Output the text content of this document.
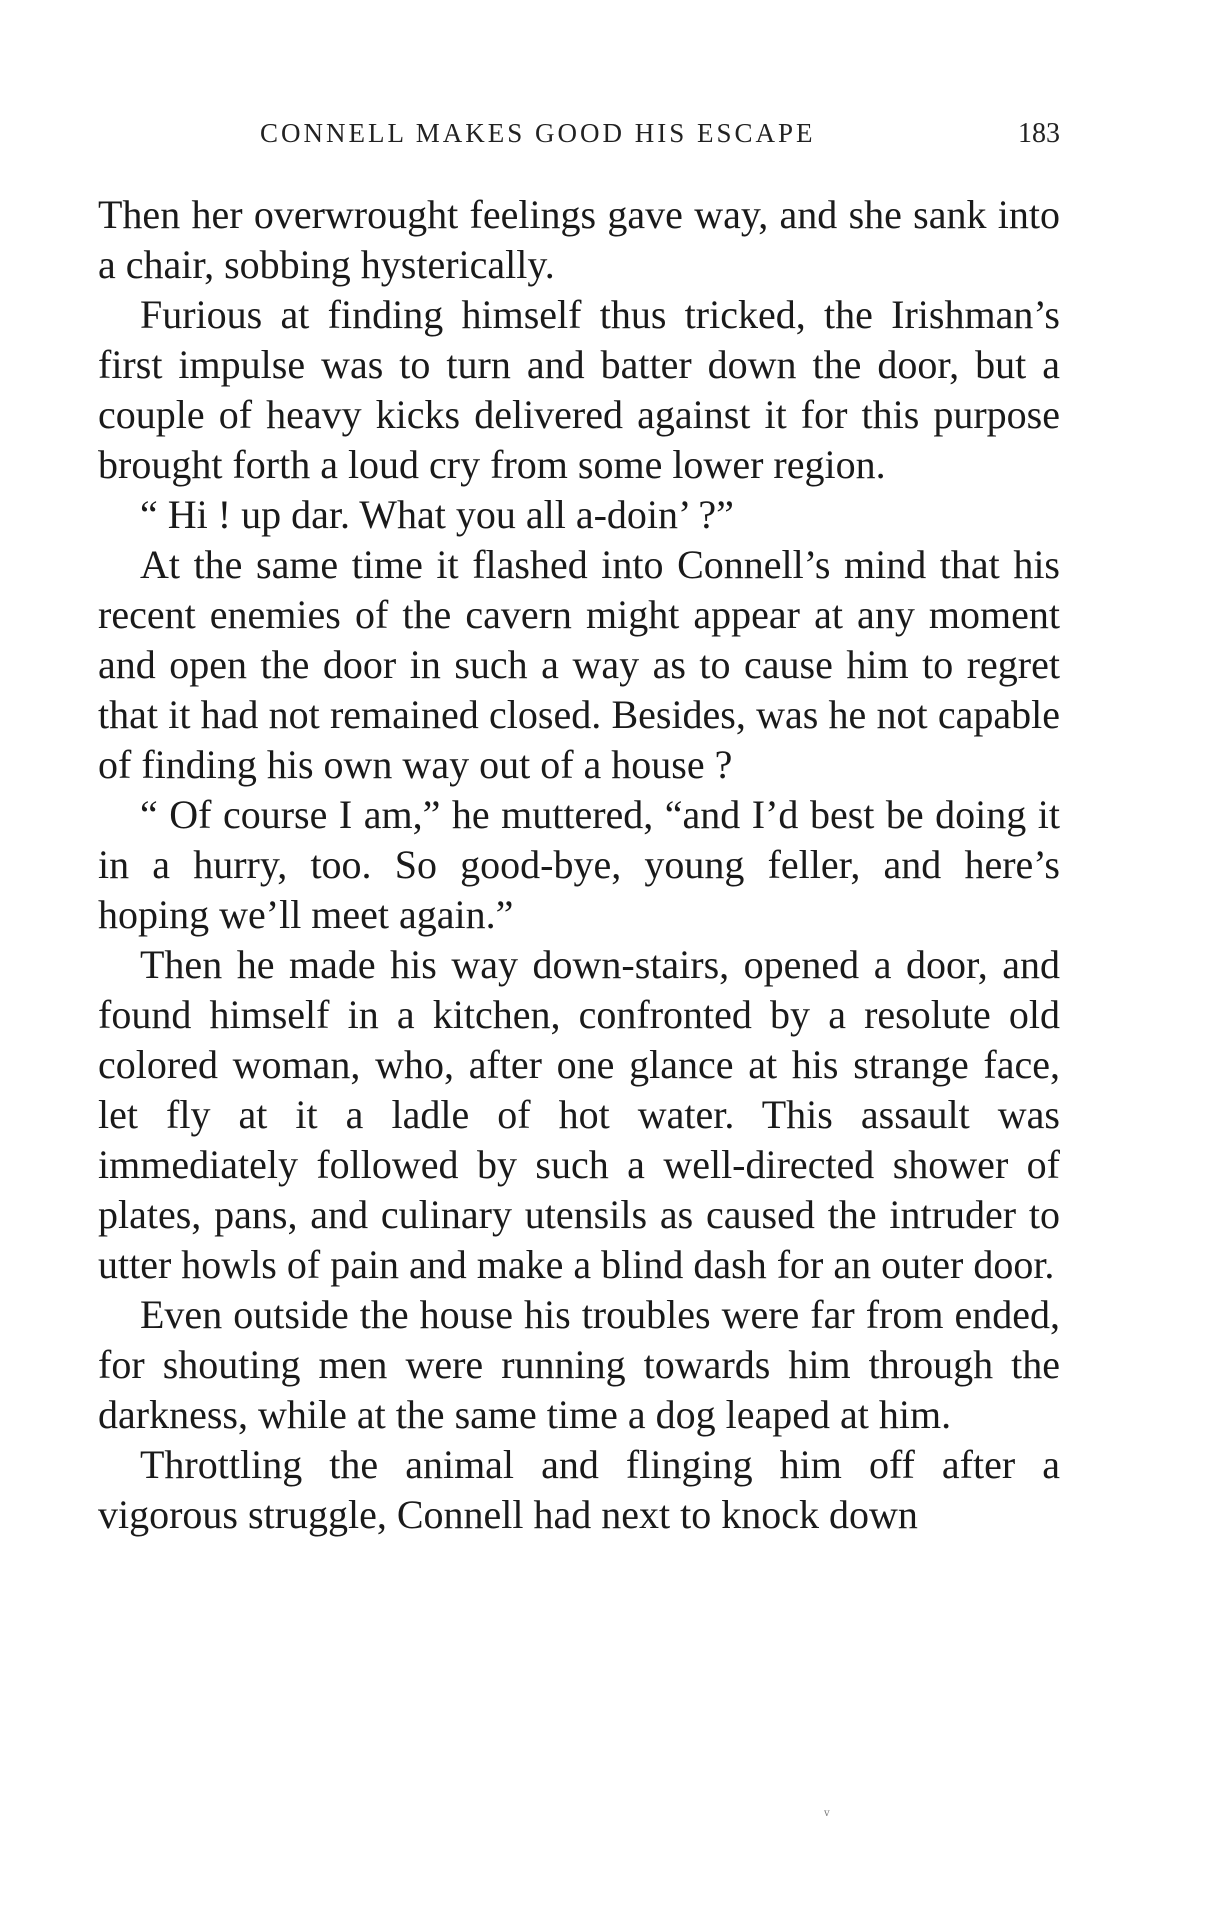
CONNELL MAKES GOOD HIS ESCAPE	183

Then her overwrought feelings gave way, and she sank into a chair, sobbing hysterically.

Furious at finding himself thus tricked, the Irishman’s first impulse was to turn and batter down the door, but a couple of heavy kicks delivered against it for this purpose brought forth a loud cry from some lower region.

“ Hi ! up dar. What you all a-doin’ ?”

At the same time it flashed into Connell’s mind that his recent enemies of the cavern might appear at any moment and open the door in such a way as to cause him to regret that it had not remained closed. Besides, was he not capable of finding his own way out of a house ?

“ Of course I am,” he muttered, “and I’d best be doing it in a hurry, too. So good-bye, young feller, and here’s hoping we’ll meet again.”

Then he made his way down-stairs, opened a door, and found himself in a kitchen, confronted by a resolute old colored woman, who, after one glance at his strange face, let fly at it a ladle of hot water. This assault was immediately followed by such a well-directed shower of plates, pans, and culinary utensils as caused the intruder to utter howls of pain and make a blind dash for an outer door.

Even outside the house his troubles were far from ended, for shouting men were running towards him through the darkness, while at the same time a dog leaped at him.

Throttling the animal and flinging him off after a vigorous struggle, Connell had next to knock down

v
